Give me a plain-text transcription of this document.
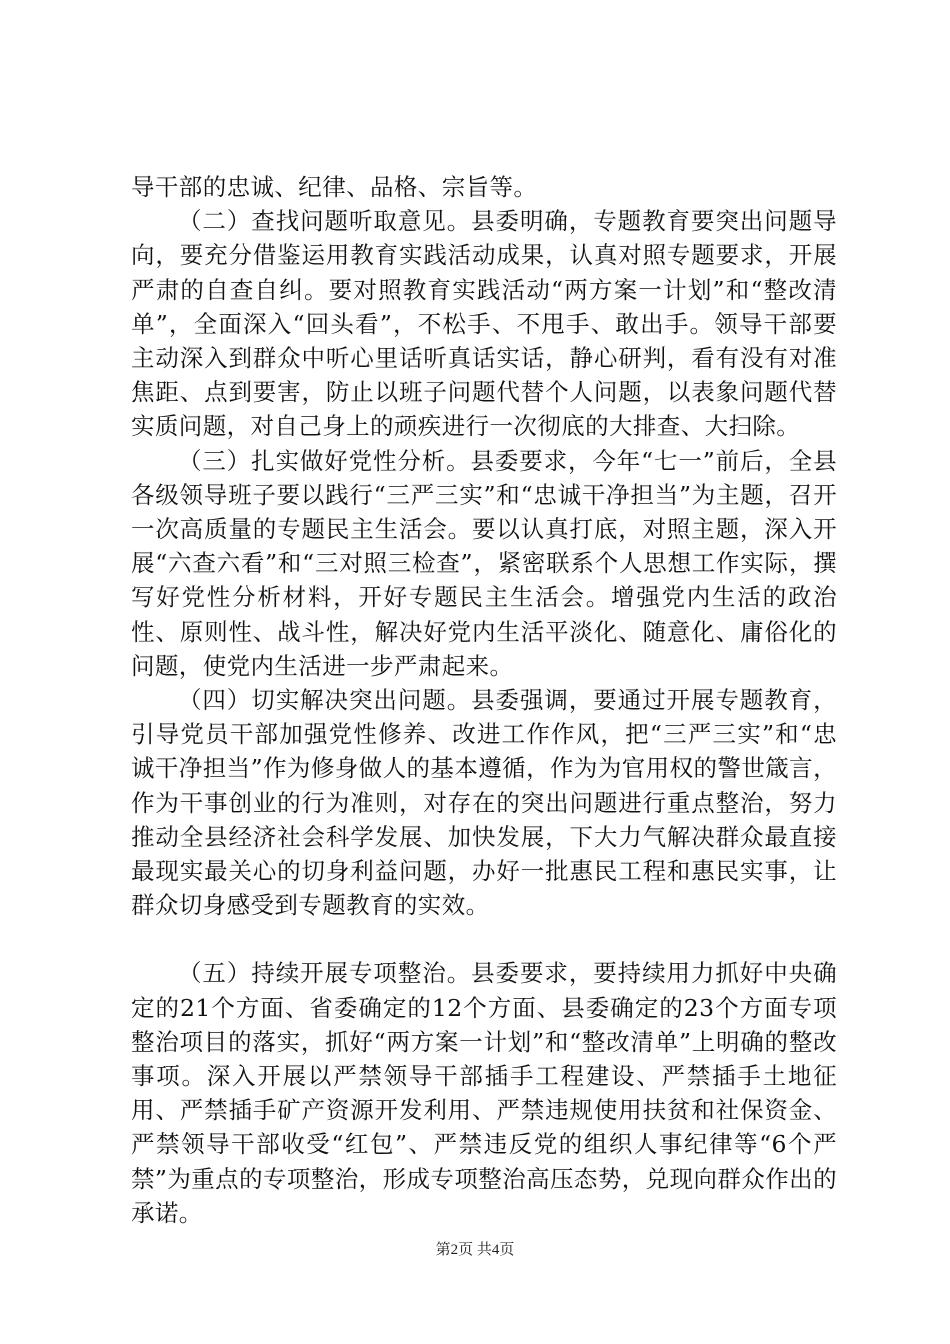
导干部的忠诚、纪律、品格、宗旨等。

（二）查找问题听取意见。县委明确，专题教育要突出问题导向，要充分借鉴运用教育实践活动成果，认真对照专题要求，开展严肃的自查自纠。要对照教育实践活动“两方案一计划”和“整改清单”，全面深入“回头看”，不松手、不甩手、敢出手。领导干部要主动深入到群众中听心里话听真话实话，静心研判，看有没有对准焦距、点到要害，防止以班子问题代替个人问题，以表象问题代替实质问题，对自己身上的顽疾进行一次彻底的大排查、大扫除。

（三）扎实做好党性分析。县委要求，今年“七一”前后，全县各级领导班子要以践行“三严三实”和“忠诚干净担当”为主题，召开一次高质量的专题民主生活会。要以认真打底，对照主题，深入开展“六查六看”和“三对照三检查”，紧密联系个人思想工作实际，撰写好党性分析材料，开好专题民主生活会。增强党内生活的政治性、原则性、战斗性，解决好党内生活平淡化、随意化、庸俗化的问题，使党内生活进一步严肃起来。

（四）切实解决突出问题。县委强调，要通过开展专题教育，引导党员干部加强党性修养、改进工作作风，把“三严三实”和“忠诚干净担当”作为修身做人的基本遵循，作为为官用权的警世箴言，作为干事创业的行为准则，对存在的突出问题进行重点整治，努力推动全县经济社会科学发展、加快发展，下大力气解决群众最直接最现实最关心的切身利益问题，办好一批惠民工程和惠民实事，让群众切身感受到专题教育的实效。

（五）持续开展专项整治。县委要求，要持续用力抓好中央确定的21个方面、省委确定的12个方面、县委确定的23个方面专项整治项目的落实，抓好“两方案一计划”和“整改清单”上明确的整改事项。深入开展以严禁领导干部插手工程建设、严禁插手土地征用、严禁插手矿产资源开发利用、严禁违规使用扶贫和社保资金、严禁领导干部收受“红包”、严禁违反党的组织人事纪律等“6个严禁”为重点的专项整治，形成专项整治高压态势，兑现向群众作出的承诺。

第2页 共4页
